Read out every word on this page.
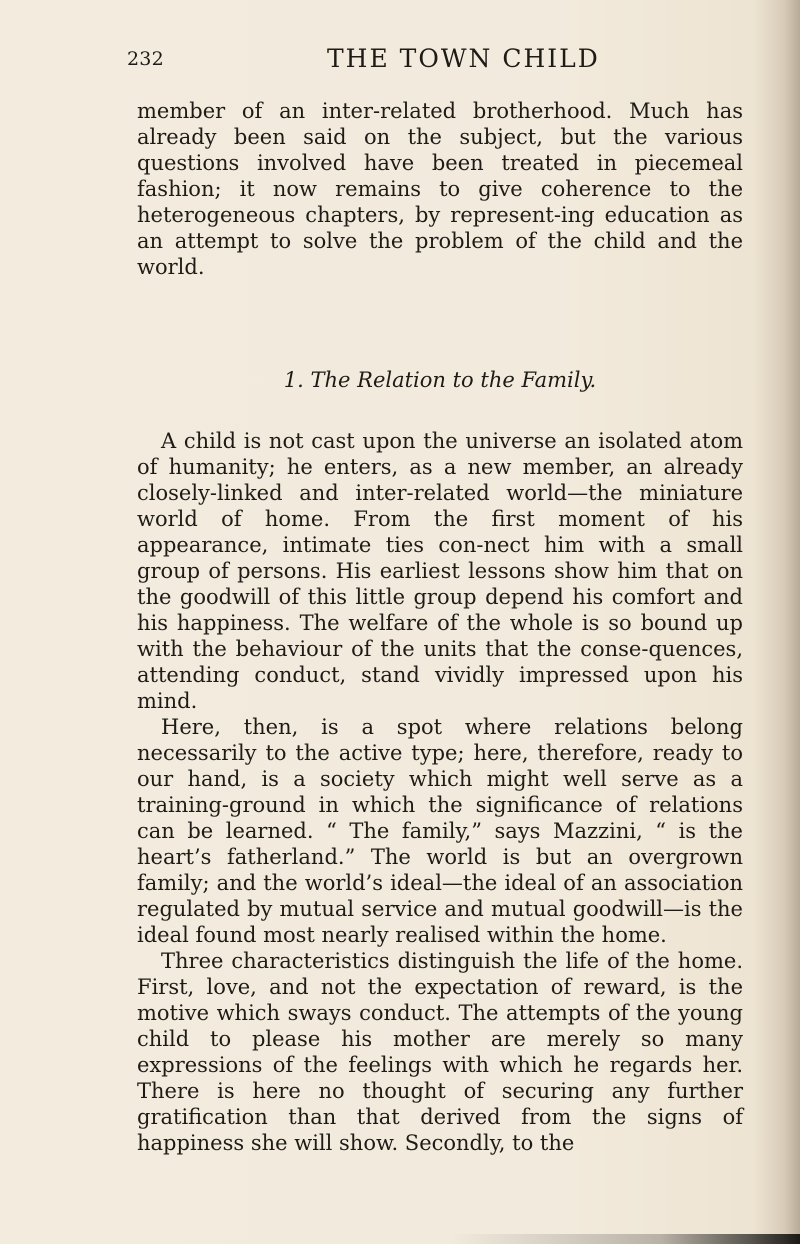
232	THE TOWN CHILD

member of an inter-related brotherhood. Much has already been said on the subject, but the various questions involved have been treated in piecemeal fashion; it now remains to give coherence to the heterogeneous chapters, by represent-ing education as an attempt to solve the problem of the child and the world.

1. The Relation to the Family.

A child is not cast upon the universe an isolated atom of humanity; he enters, as a new member, an already closely-linked and inter-related world—the miniature world of home. From the first moment of his appearance, intimate ties con-nect him with a small group of persons. His earliest lessons show him that on the goodwill of this little group depend his comfort and his happiness. The welfare of the whole is so bound up with the behaviour of the units that the conse-quences, attending conduct, stand vividly impressed upon his mind.

Here, then, is a spot where relations belong necessarily to the active type; here, therefore, ready to our hand, is a society which might well serve as a training-ground in which the significance of relations can be learned. “ The family,” says Mazzini, “ is the heart’s fatherland.” The world is but an overgrown family; and the world’s ideal—the ideal of an association regulated by mutual service and mutual goodwill—is the ideal found most nearly realised within the home.

Three characteristics distinguish the life of the home. First, love, and not the expectation of reward, is the motive which sways conduct. The attempts of the young child to please his mother are merely so many expressions of the feelings with which he regards her. There is here no thought of securing any further gratification than that derived from the signs of happiness she will show. Secondly, to the
